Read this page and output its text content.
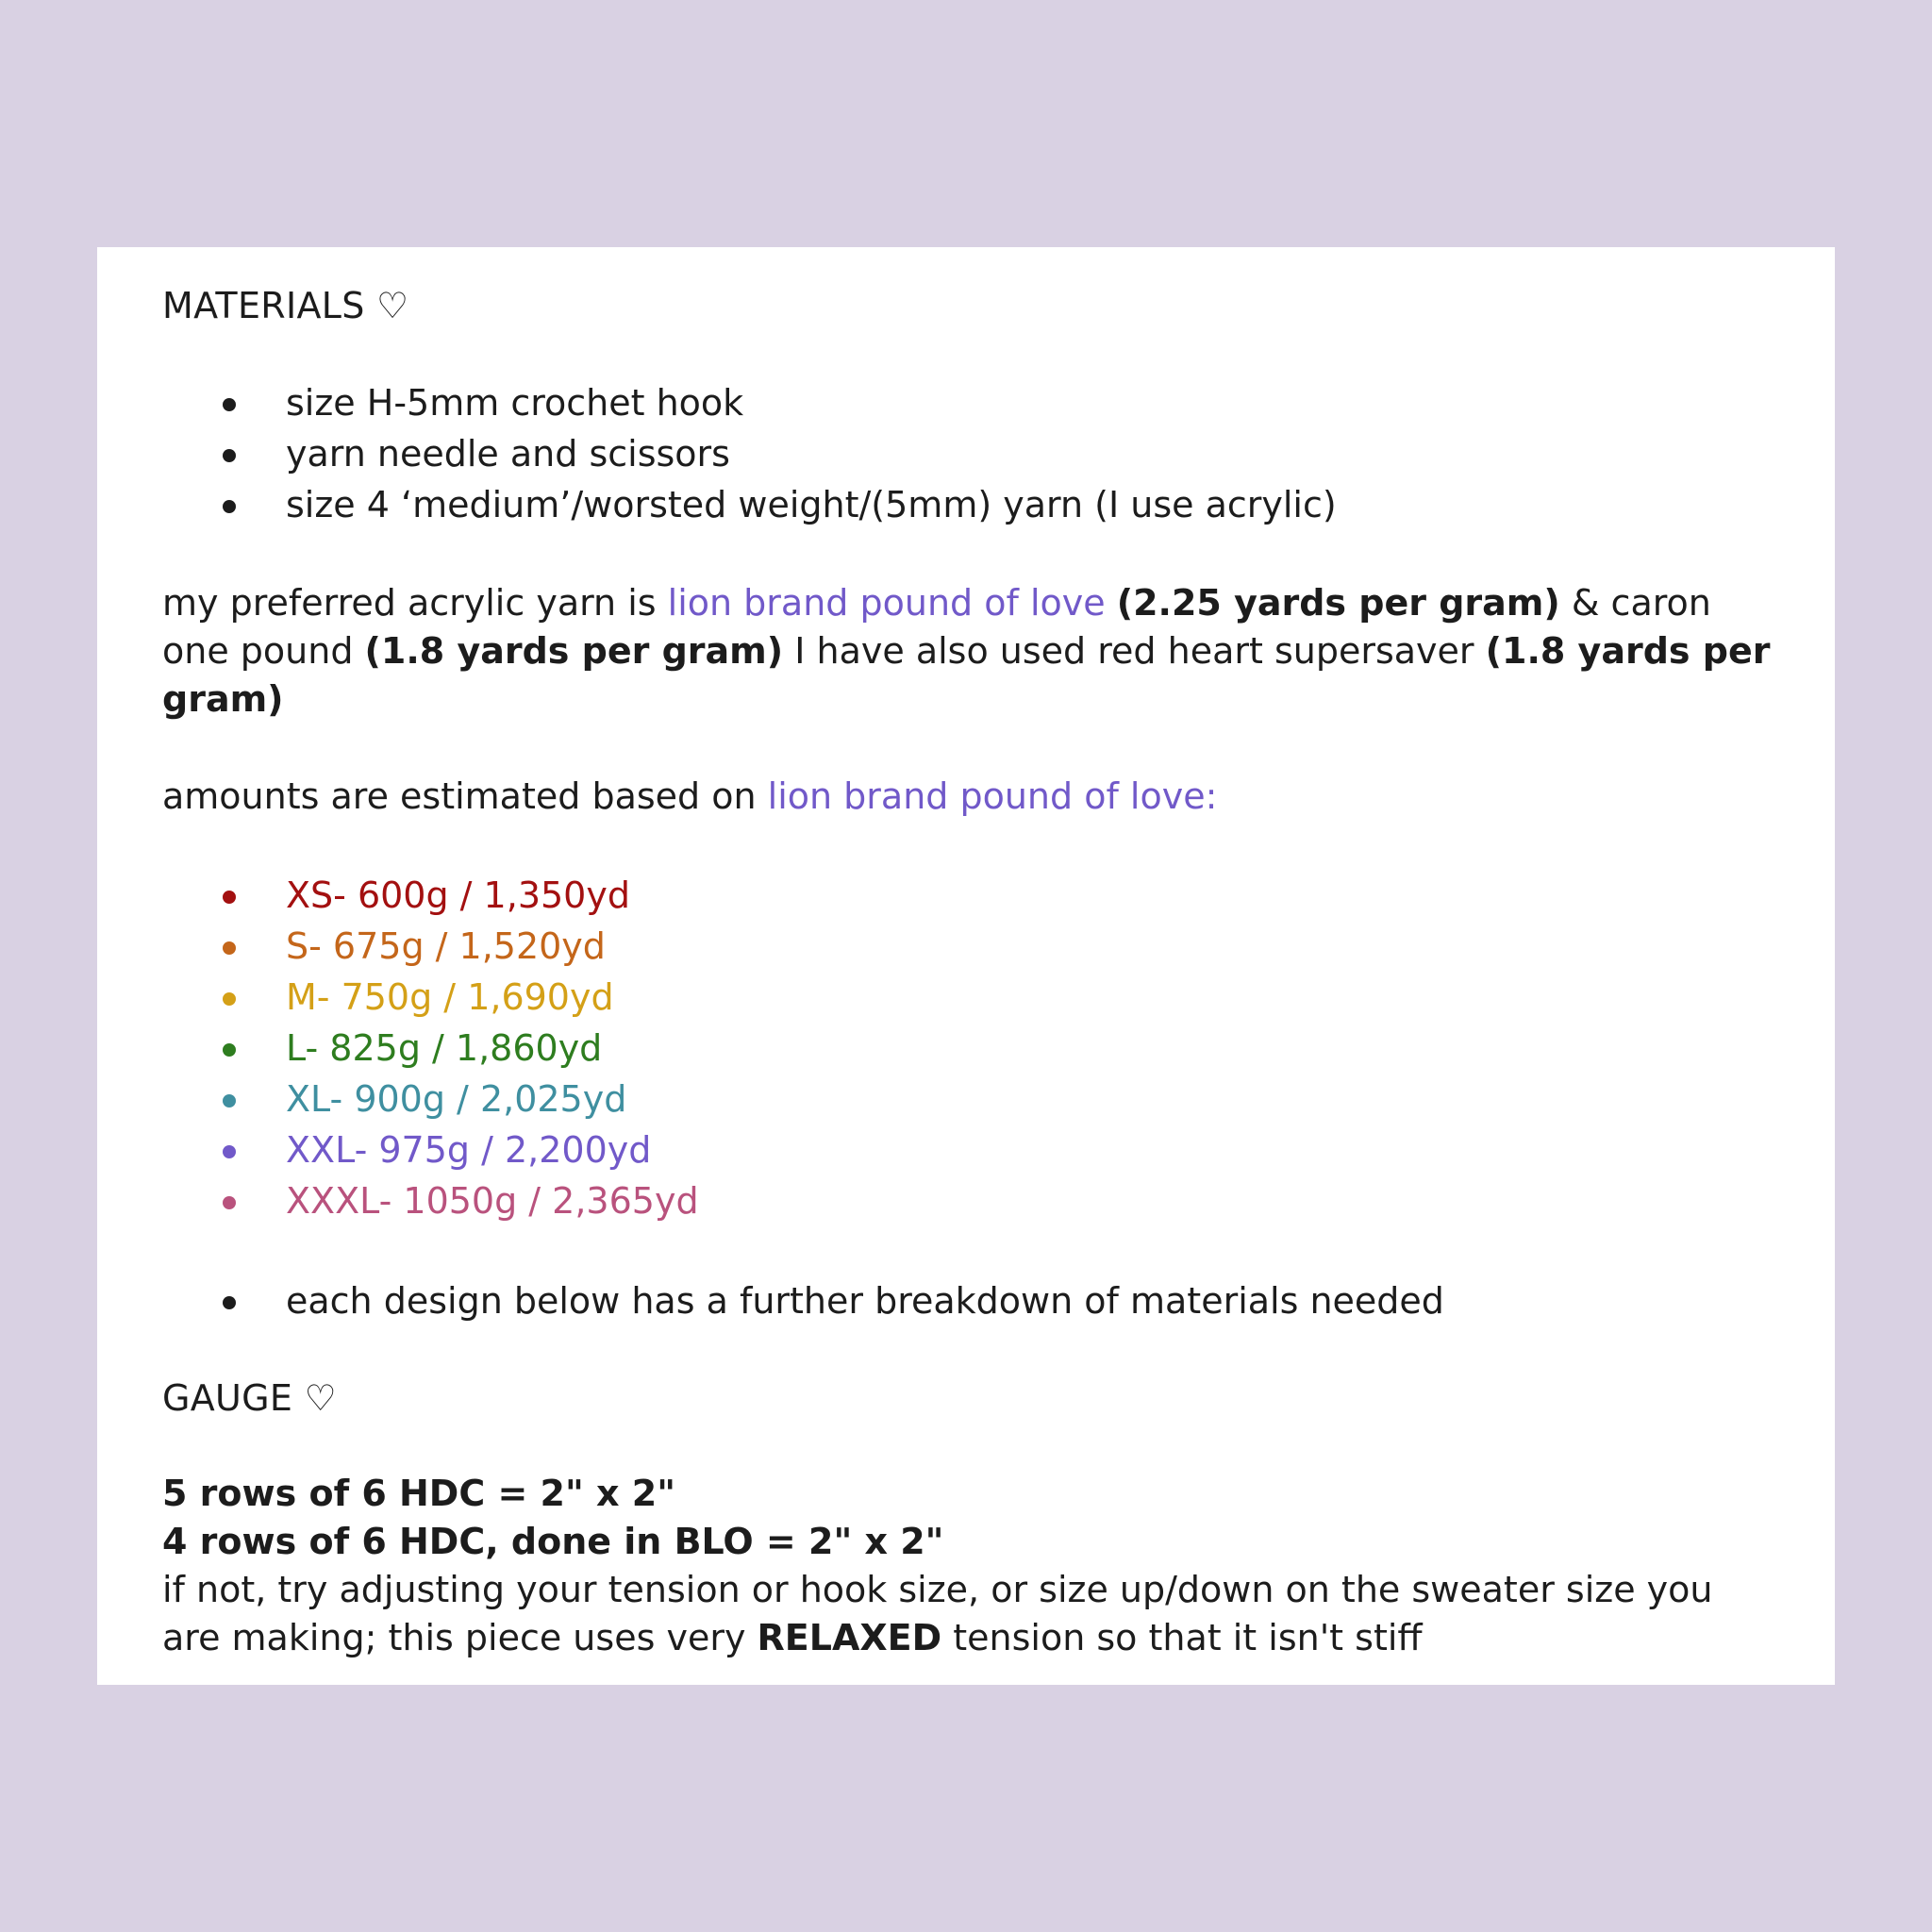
MATERIALS ♡
size H-5mm crochet hook
yarn needle and scissors
size 4 ‘medium’/worsted weight/(5mm) yarn (I use acrylic)

my preferred acrylic yarn is lion brand pound of love (2.25 yards per gram) & caron one pound (1.8 yards per gram) I have also used red heart supersaver (1.8 yards per gram)

amounts are estimated based on lion brand pound of love:

XS- 600g / 1,350yd
S- 675g / 1,520yd
M- 750g / 1,690yd
L- 825g / 1,860yd
XL- 900g / 2,025yd
XXL- 975g / 2,200yd
XXXL- 1050g / 2,365yd
each design below has a further breakdown of materials needed
GAUGE ♡

5 rows of 6 HDC = 2" x 2"

4 rows of 6 HDC, done in BLO = 2" x 2"

if not, try adjusting your tension or hook size, or size up/down on the sweater size you are making; this piece uses very RELAXED tension so that it isn't stiff
